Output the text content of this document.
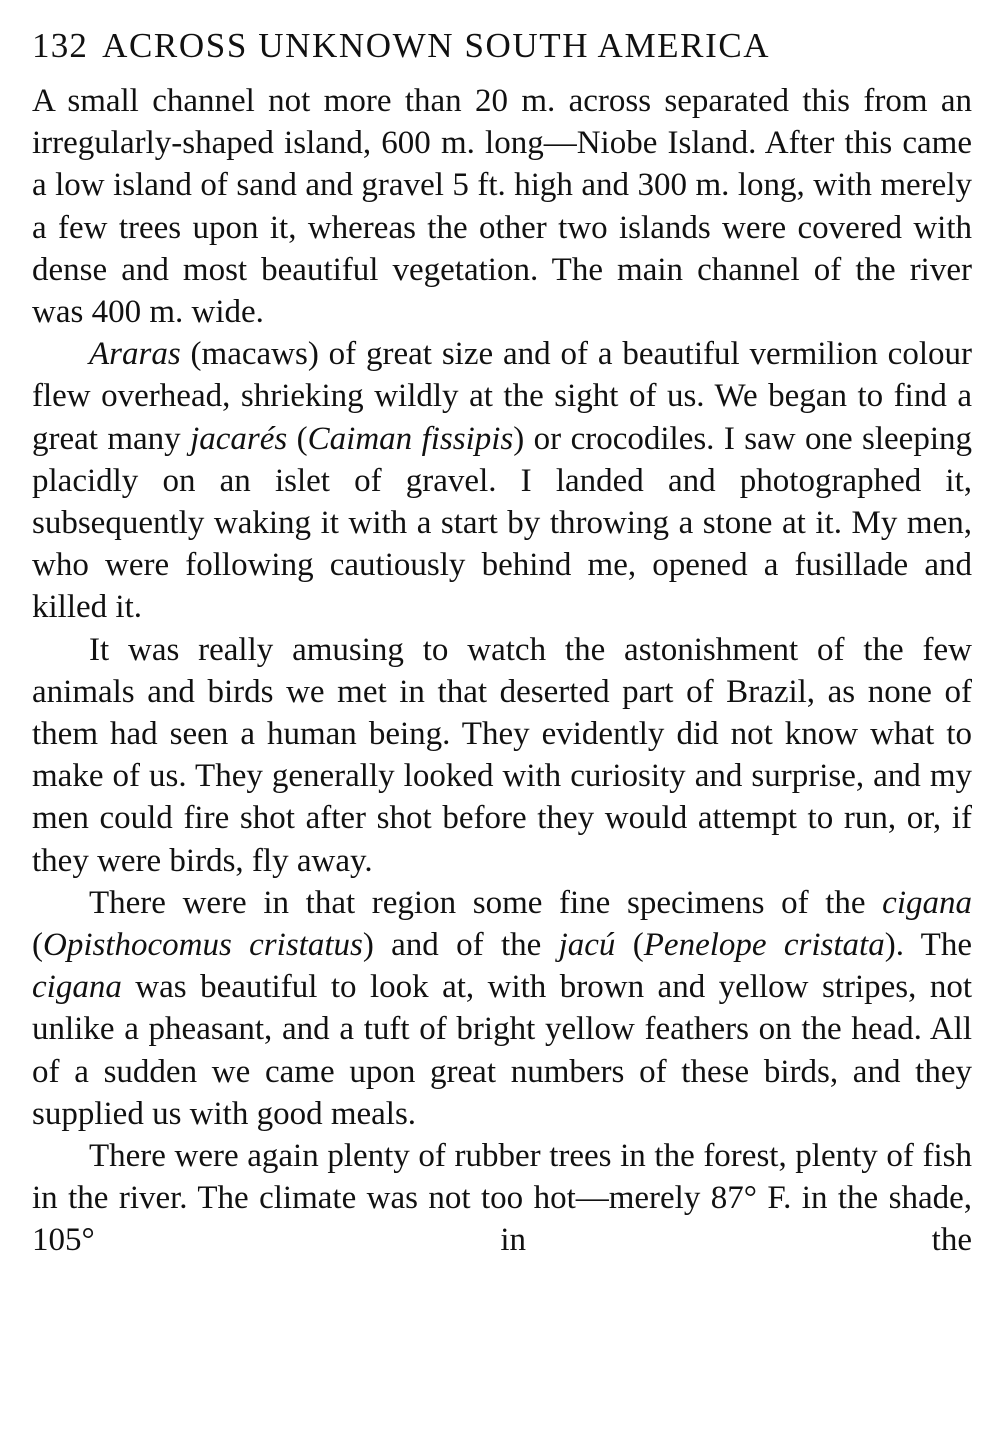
132 ACROSS UNKNOWN SOUTH AMERICA

A small channel not more than 20 m. across separated this from an irregularly-shaped island, 600 m. long—Niobe Island. After this came a low island of sand and gravel 5 ft. high and 300 m. long, with merely a few trees upon it, whereas the other two islands were covered with dense and most beautiful vegetation. The main channel of the river was 400 m. wide.

Araras (macaws) of great size and of a beautiful vermilion colour flew overhead, shrieking wildly at the sight of us. We began to find a great many jacarés (Caiman fissipis) or crocodiles. I saw one sleeping placidly on an islet of gravel. I landed and photographed it, subsequently waking it with a start by throwing a stone at it. My men, who were following cautiously behind me, opened a fusillade and killed it.

It was really amusing to watch the astonishment of the few animals and birds we met in that deserted part of Brazil, as none of them had seen a human being. They evidently did not know what to make of us. They generally looked with curiosity and surprise, and my men could fire shot after shot before they would attempt to run, or, if they were birds, fly away.

There were in that region some fine specimens of the cigana (Opisthocomus cristatus) and of the jacú (Penelope cristata). The cigana was beautiful to look at, with brown and yellow stripes, not unlike a pheasant, and a tuft of bright yellow feathers on the head. All of a sudden we came upon great numbers of these birds, and they supplied us with good meals.

There were again plenty of rubber trees in the forest, plenty of fish in the river. The climate was not too hot—merely 87° F. in the shade, 105° in the
